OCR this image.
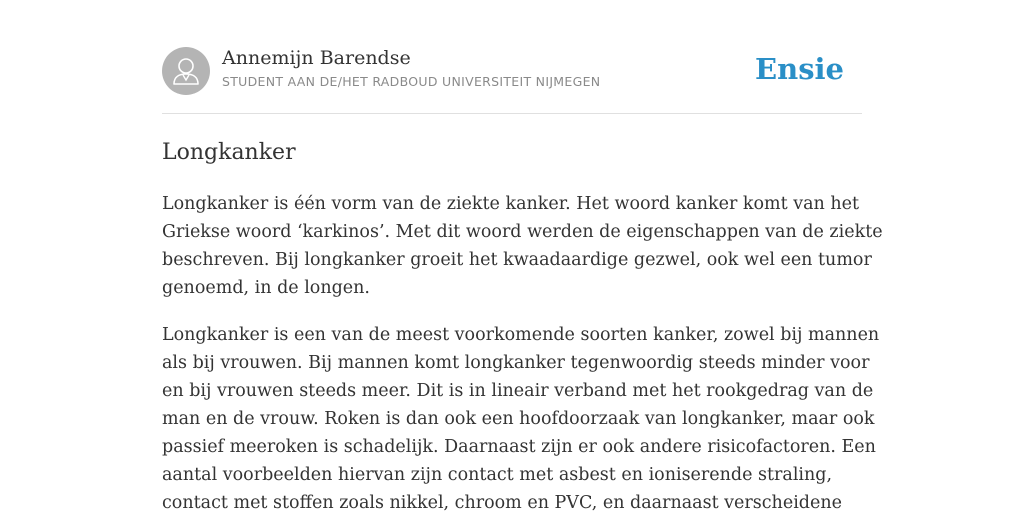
Annemijn Barendse
STUDENT AAN DE/HET RADBOUD UNIVERSITEIT NIJMEGEN	Ensie
Longkanker

Longkanker is één vorm van de ziekte kanker. Het woord kanker komt van het
Griekse woord ‘karkinos’. Met dit woord werden de eigenschappen van de ziekte
beschreven. Bij longkanker groeit het kwaadaardige gezwel, ook wel een tumor
genoemd, in de longen.

Longkanker is een van de meest voorkomende soorten kanker, zowel bij mannen
als bij vrouwen. Bij mannen komt longkanker tegenwoordig steeds minder voor
en bij vrouwen steeds meer. Dit is in lineair verband met het rookgedrag van de
man en de vrouw. Roken is dan ook een hoofdoorzaak van longkanker, maar ook
passief meeroken is schadelijk. Daarnaast zijn er ook andere risicofactoren. Een
aantal voorbeelden hiervan zijn contact met asbest en ioniserende straling,
contact met stoffen zoals nikkel, chroom en PVC, en daarnaast verscheidene
